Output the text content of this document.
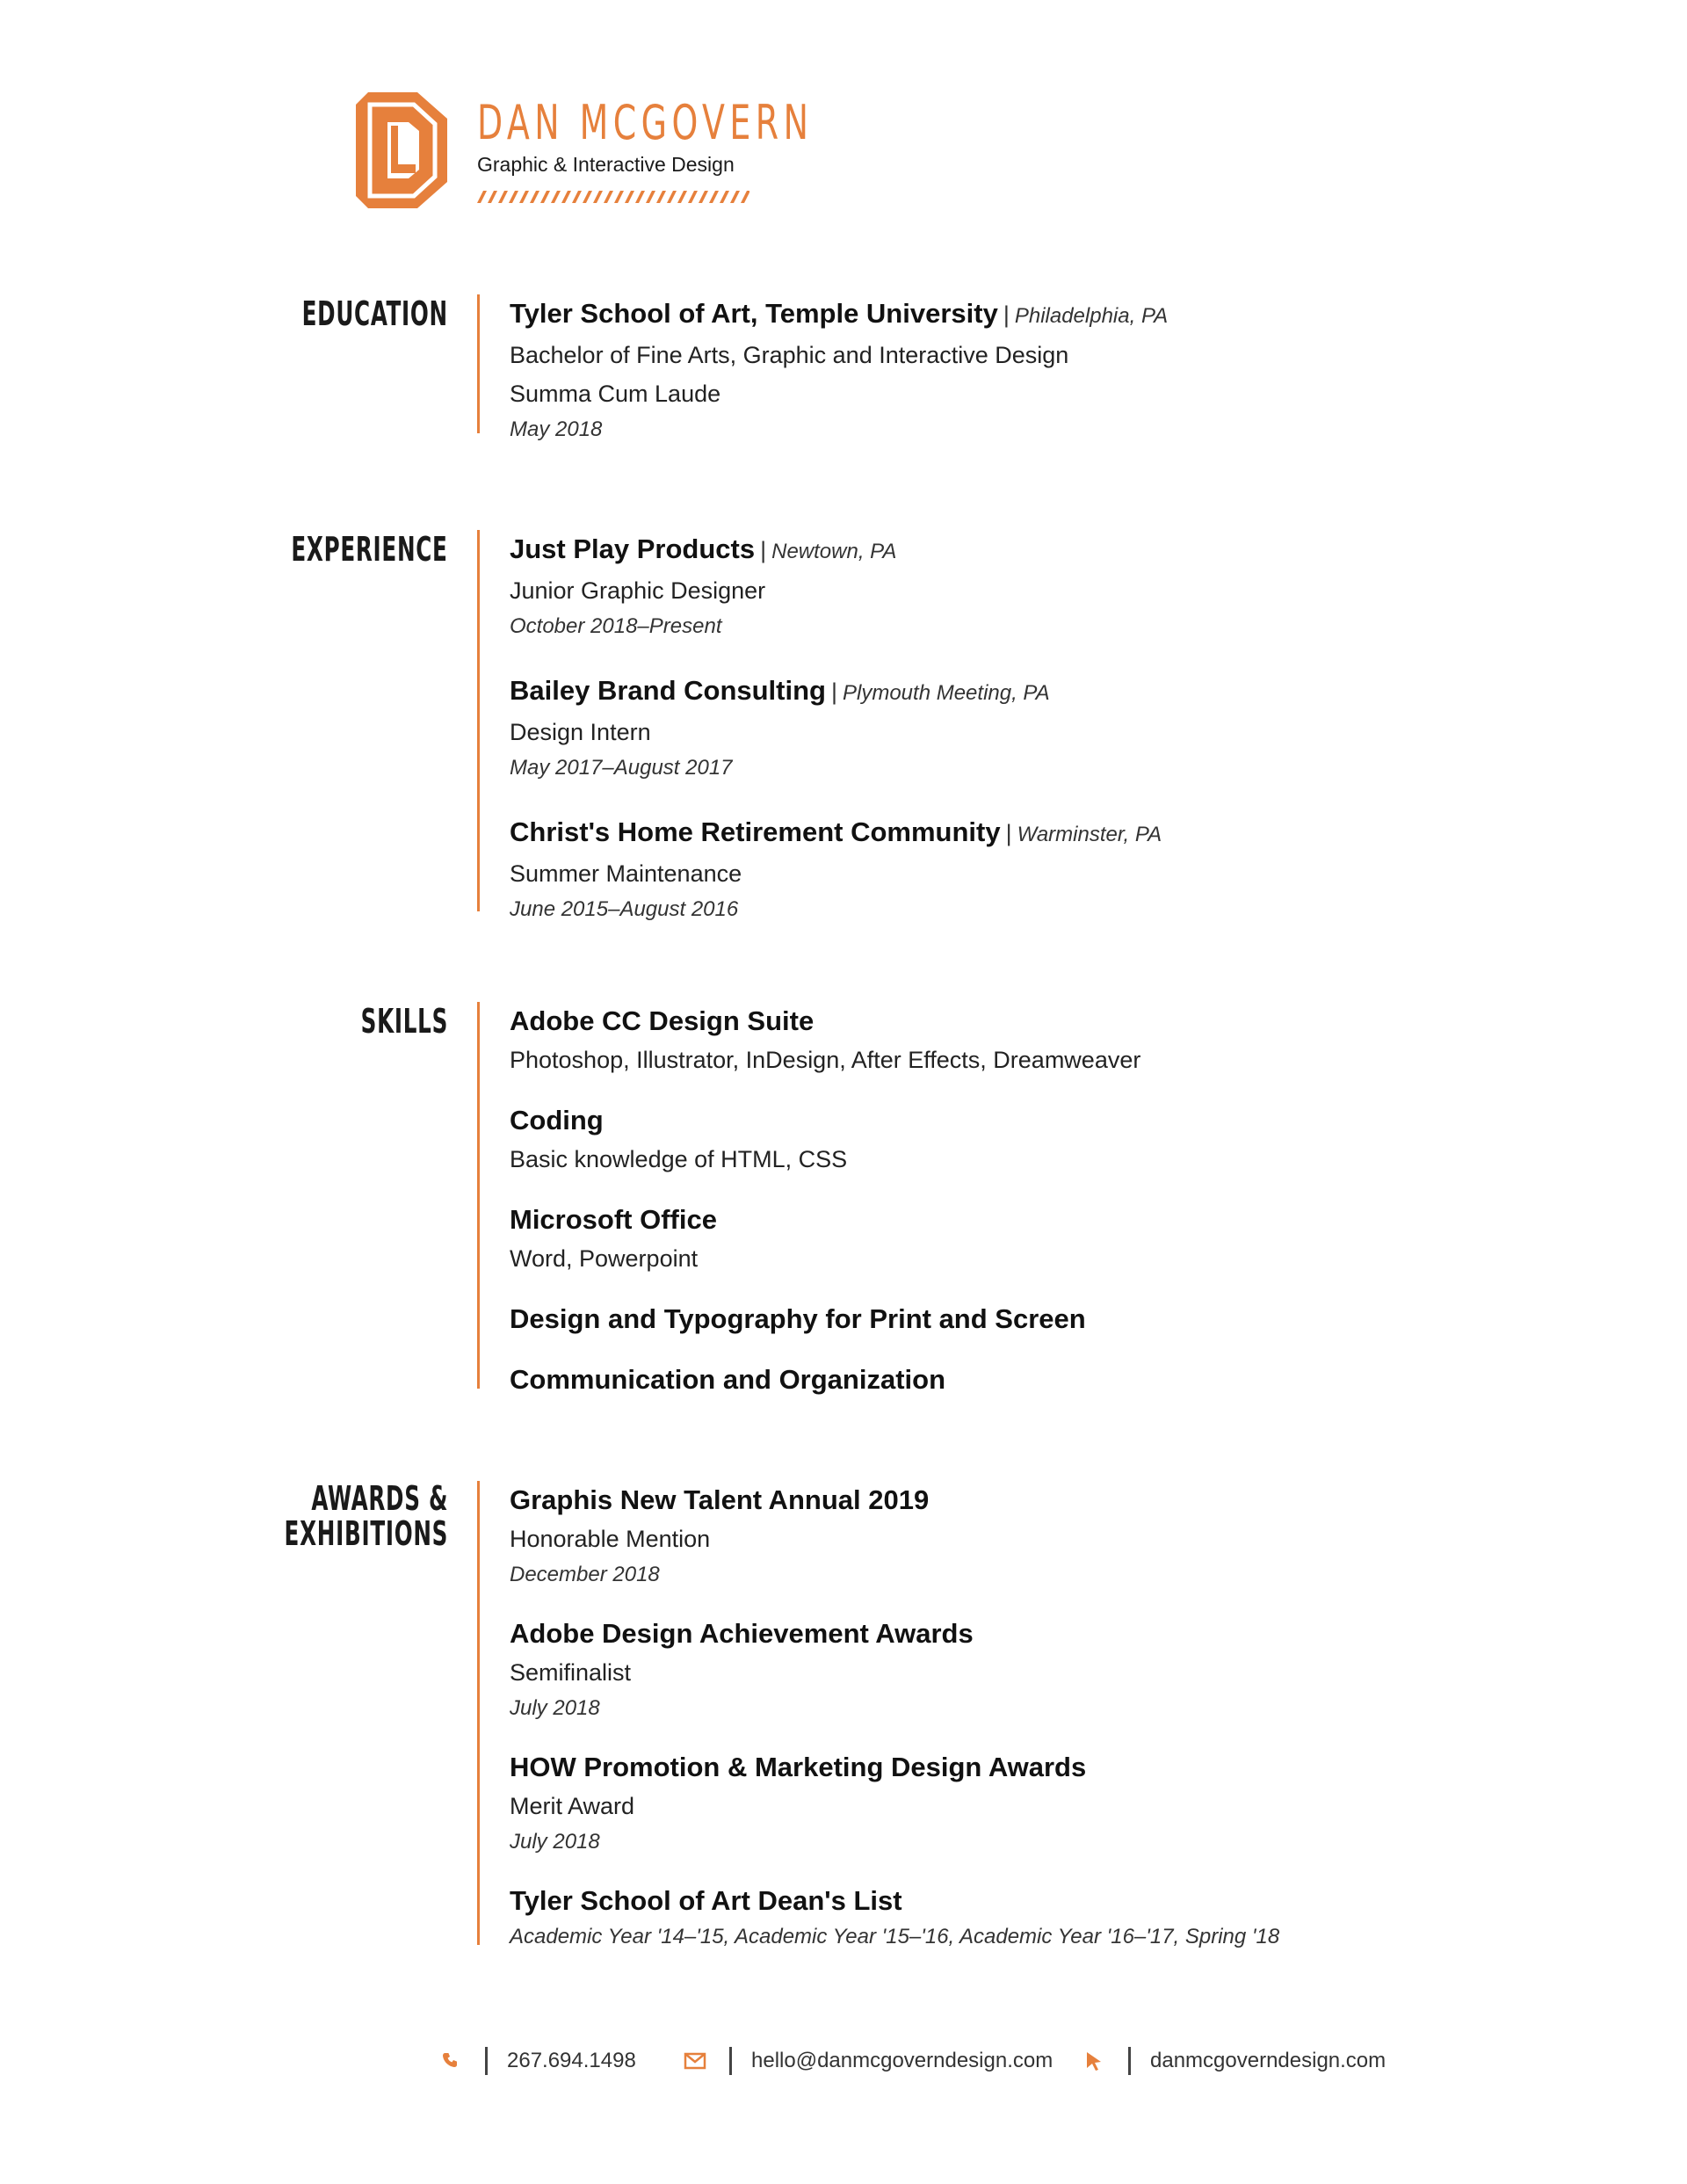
DAN MCGOVERN
Graphic & Interactive Design
EDUCATION Tyler School of Art, Temple University | Philadelphia, PA
Bachelor of Fine Arts, Graphic and Interactive Design
Summa Cum Laude
May 2018
EXPERIENCE Just Play Products | Newtown, PA
Junior Graphic Designer
October 2018–Present
Bailey Brand Consulting | Plymouth Meeting, PA
Design Intern
May 2017–August 2017
Christ's Home Retirement Community | Warminster, PA
Summer Maintenance
June 2015–August 2016
SKILLS Adobe CC Design Suite
Photoshop, Illustrator, InDesign, After Effects, Dreamweaver
Coding
Basic knowledge of HTML, CSS
Microsoft Office
Word, Powerpoint
Design and Typography for Print and Screen
Communication and Organization
AWARDS &
EXHIBITIONS
Graphis New Talent Annual 2019
Honorable Mention
December 2018
Adobe Design Achievement Awards
Semifinalist
July 2018
HOW Promotion & Marketing Design Awards
Merit Award
July 2018
Tyler School of Art Dean's List
Academic Year '14–'15, Academic Year '15–'16, Academic Year '16–'17, Spring '18
267.694.1498	hello@danmcgoverndesign.com	danmcgoverndesign.com
